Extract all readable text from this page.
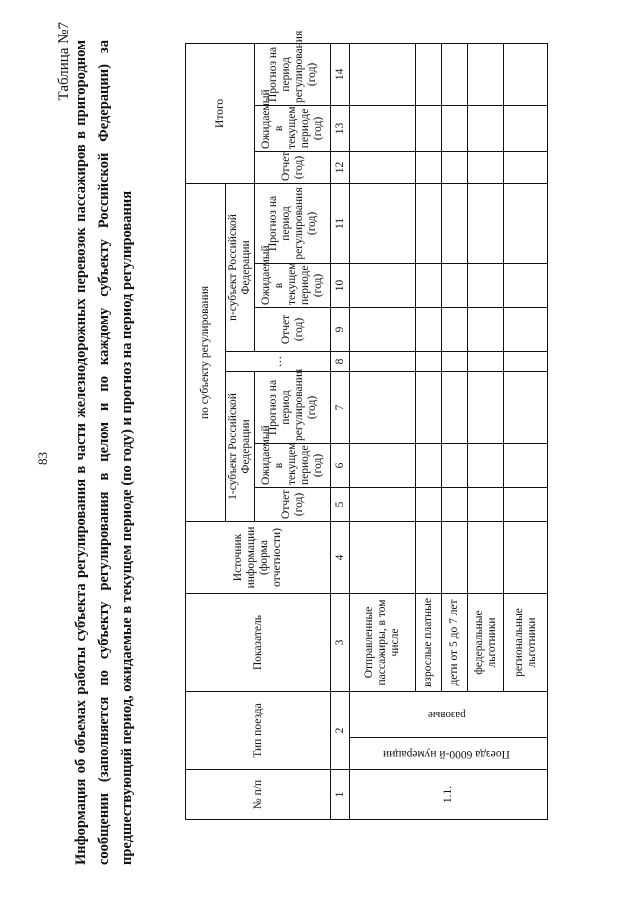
83
Таблица №7 Информация об объемах работы субъекта регулирования в части железнодорожных перевозок пассажиров в пригородном сообщении (заполняется по субъекту регулирования в целом и по каждому субъекту Российской Федерации) за предшествующий период, ожидаемые в текущем периоде (по году) и прогноз на период регулирования	№ п/п	Тип поезда		Показатель	Источник информации (форма отчетности)	по субъекту регулирования							Итого		
					1-субъект Российской Федерации			…	n-субъект Российской Федерации					

					Отчет (год)	Ожидаемый в текущем периоде (год)	Прогноз на период регулирования (год)		Отчет (год)	Ожидаемый в текущем периоде (год)	Прогноз на период регулирования (год)	Отчет (год)	Ожидаемый в текущем периоде (год)	Прогноз на период регулирования (год)
1	2		3	4	5	6	7	8	9	10	11	12	13	14
1.1.	Поезда 6000-й нумерации	разовые	Отправленные пассажиры, в том числе											
			взрослые платные											
			дети от 5 до 7 лет											
			федеральные льготники											
			региональные льготники											
